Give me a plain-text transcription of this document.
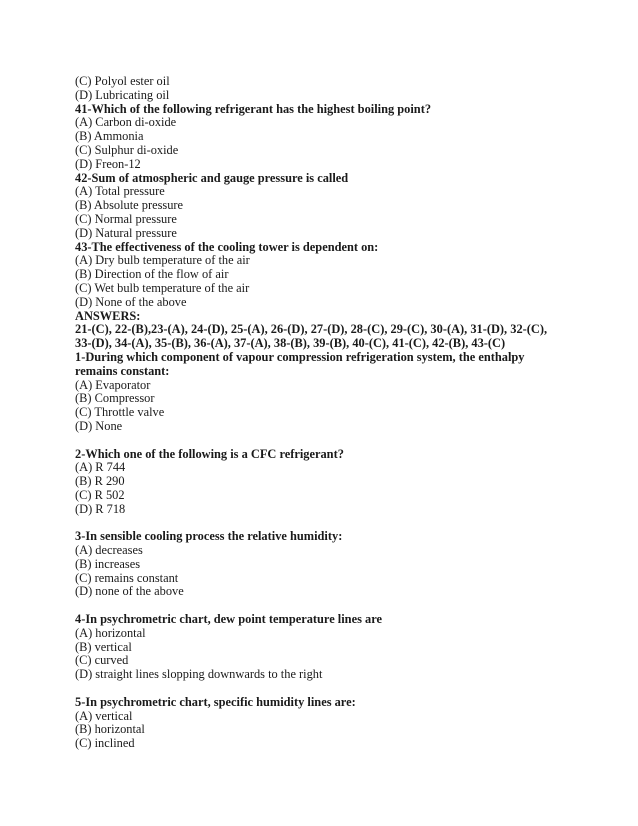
(C) Polyol ester oil
(D) Lubricating oil
41-Which of the following refrigerant has the highest boiling point?
(A) Carbon di-oxide
(B) Ammonia
(C) Sulphur di-oxide
(D) Freon-12
42-Sum of atmospheric and gauge pressure is called
(A) Total pressure
(B) Absolute pressure
(C) Normal pressure
(D) Natural pressure
43-The effectiveness of the cooling tower is dependent on:
(A) Dry bulb temperature of the air
(B) Direction of the flow of air
(C) Wet bulb temperature of the air
(D) None of the above
ANSWERS:
21-(C), 22-(B),23-(A), 24-(D), 25-(A), 26-(D), 27-(D), 28-(C), 29-(C), 30-(A), 31-(D), 32-(C), 33-(D), 34-(A), 35-(B), 36-(A), 37-(A), 38-(B), 39-(B), 40-(C), 41-(C), 42-(B), 43-(C)
1-During which component of vapour compression refrigeration system, the enthalpy remains constant:
(A) Evaporator
(B) Compressor
(C) Throttle valve
(D) None
2-Which one of the following is a CFC refrigerant?
(A) R 744
(B) R 290
(C) R 502
(D) R 718
3-In sensible cooling process the relative humidity:
(A) decreases
(B) increases
(C) remains constant
(D) none of the above
4-In psychrometric chart, dew point temperature lines are
(A) horizontal
(B) vertical
(C) curved
(D) straight lines slopping downwards to the right
5-In psychrometric chart, specific humidity lines are:
(A) vertical
(B) horizontal
(C) inclined
